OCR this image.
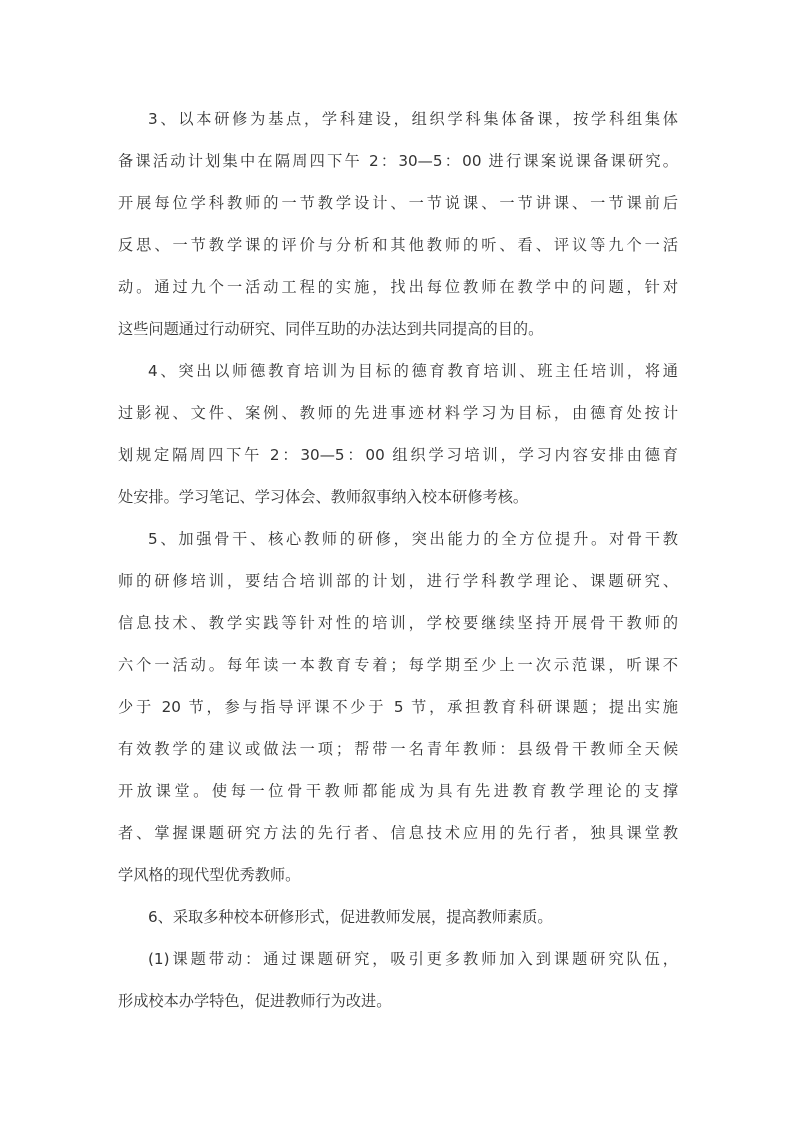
3、以本研修为基点，学科建设，组织学科集体备课，按学科组集体
备课活动计划集中在隔周四下午 2：30—5：00 进行课案说课备课研究。
开展每位学科教师的一节教学设计、一节说课、一节讲课、一节课前后
反思、一节教学课的评价与分析和其他教师的听、看、评议等九个一活
动。通过九个一活动工程的实施，找出每位教师在教学中的问题，针对
这些问题通过行动研究、同伴互助的办法达到共同提高的目的。
4、突出以师德教育培训为目标的德育教育培训、班主任培训，将通
过影视、文件、案例、教师的先进事迹材料学习为目标，由德育处按计
划规定隔周四下午 2：30—5：00 组织学习培训，学习内容安排由德育
处安排。学习笔记、学习体会、教师叙事纳入校本研修考核。
5、加强骨干、核心教师的研修，突出能力的全方位提升。对骨干教
师的研修培训，要结合培训部的计划，进行学科教学理论、课题研究、
信息技术、教学实践等针对性的培训，学校要继续坚持开展骨干教师的
六个一活动。每年读一本教育专着；每学期至少上一次示范课，听课不
少于 20 节，参与指导评课不少于 5 节，承担教育科研课题；提出实施
有效教学的建议或做法一项；帮带一名青年教师：县级骨干教师全天候
开放课堂。使每一位骨干教师都能成为具有先进教育教学理论的支撑
者、掌握课题研究方法的先行者、信息技术应用的先行者，独具课堂教
学风格的现代型优秀教师。
6、采取多种校本研修形式，促进教师发展，提高教师素质。
(1)课题带动：通过课题研究，吸引更多教师加入到课题研究队伍，
形成校本办学特色，促进教师行为改进。
